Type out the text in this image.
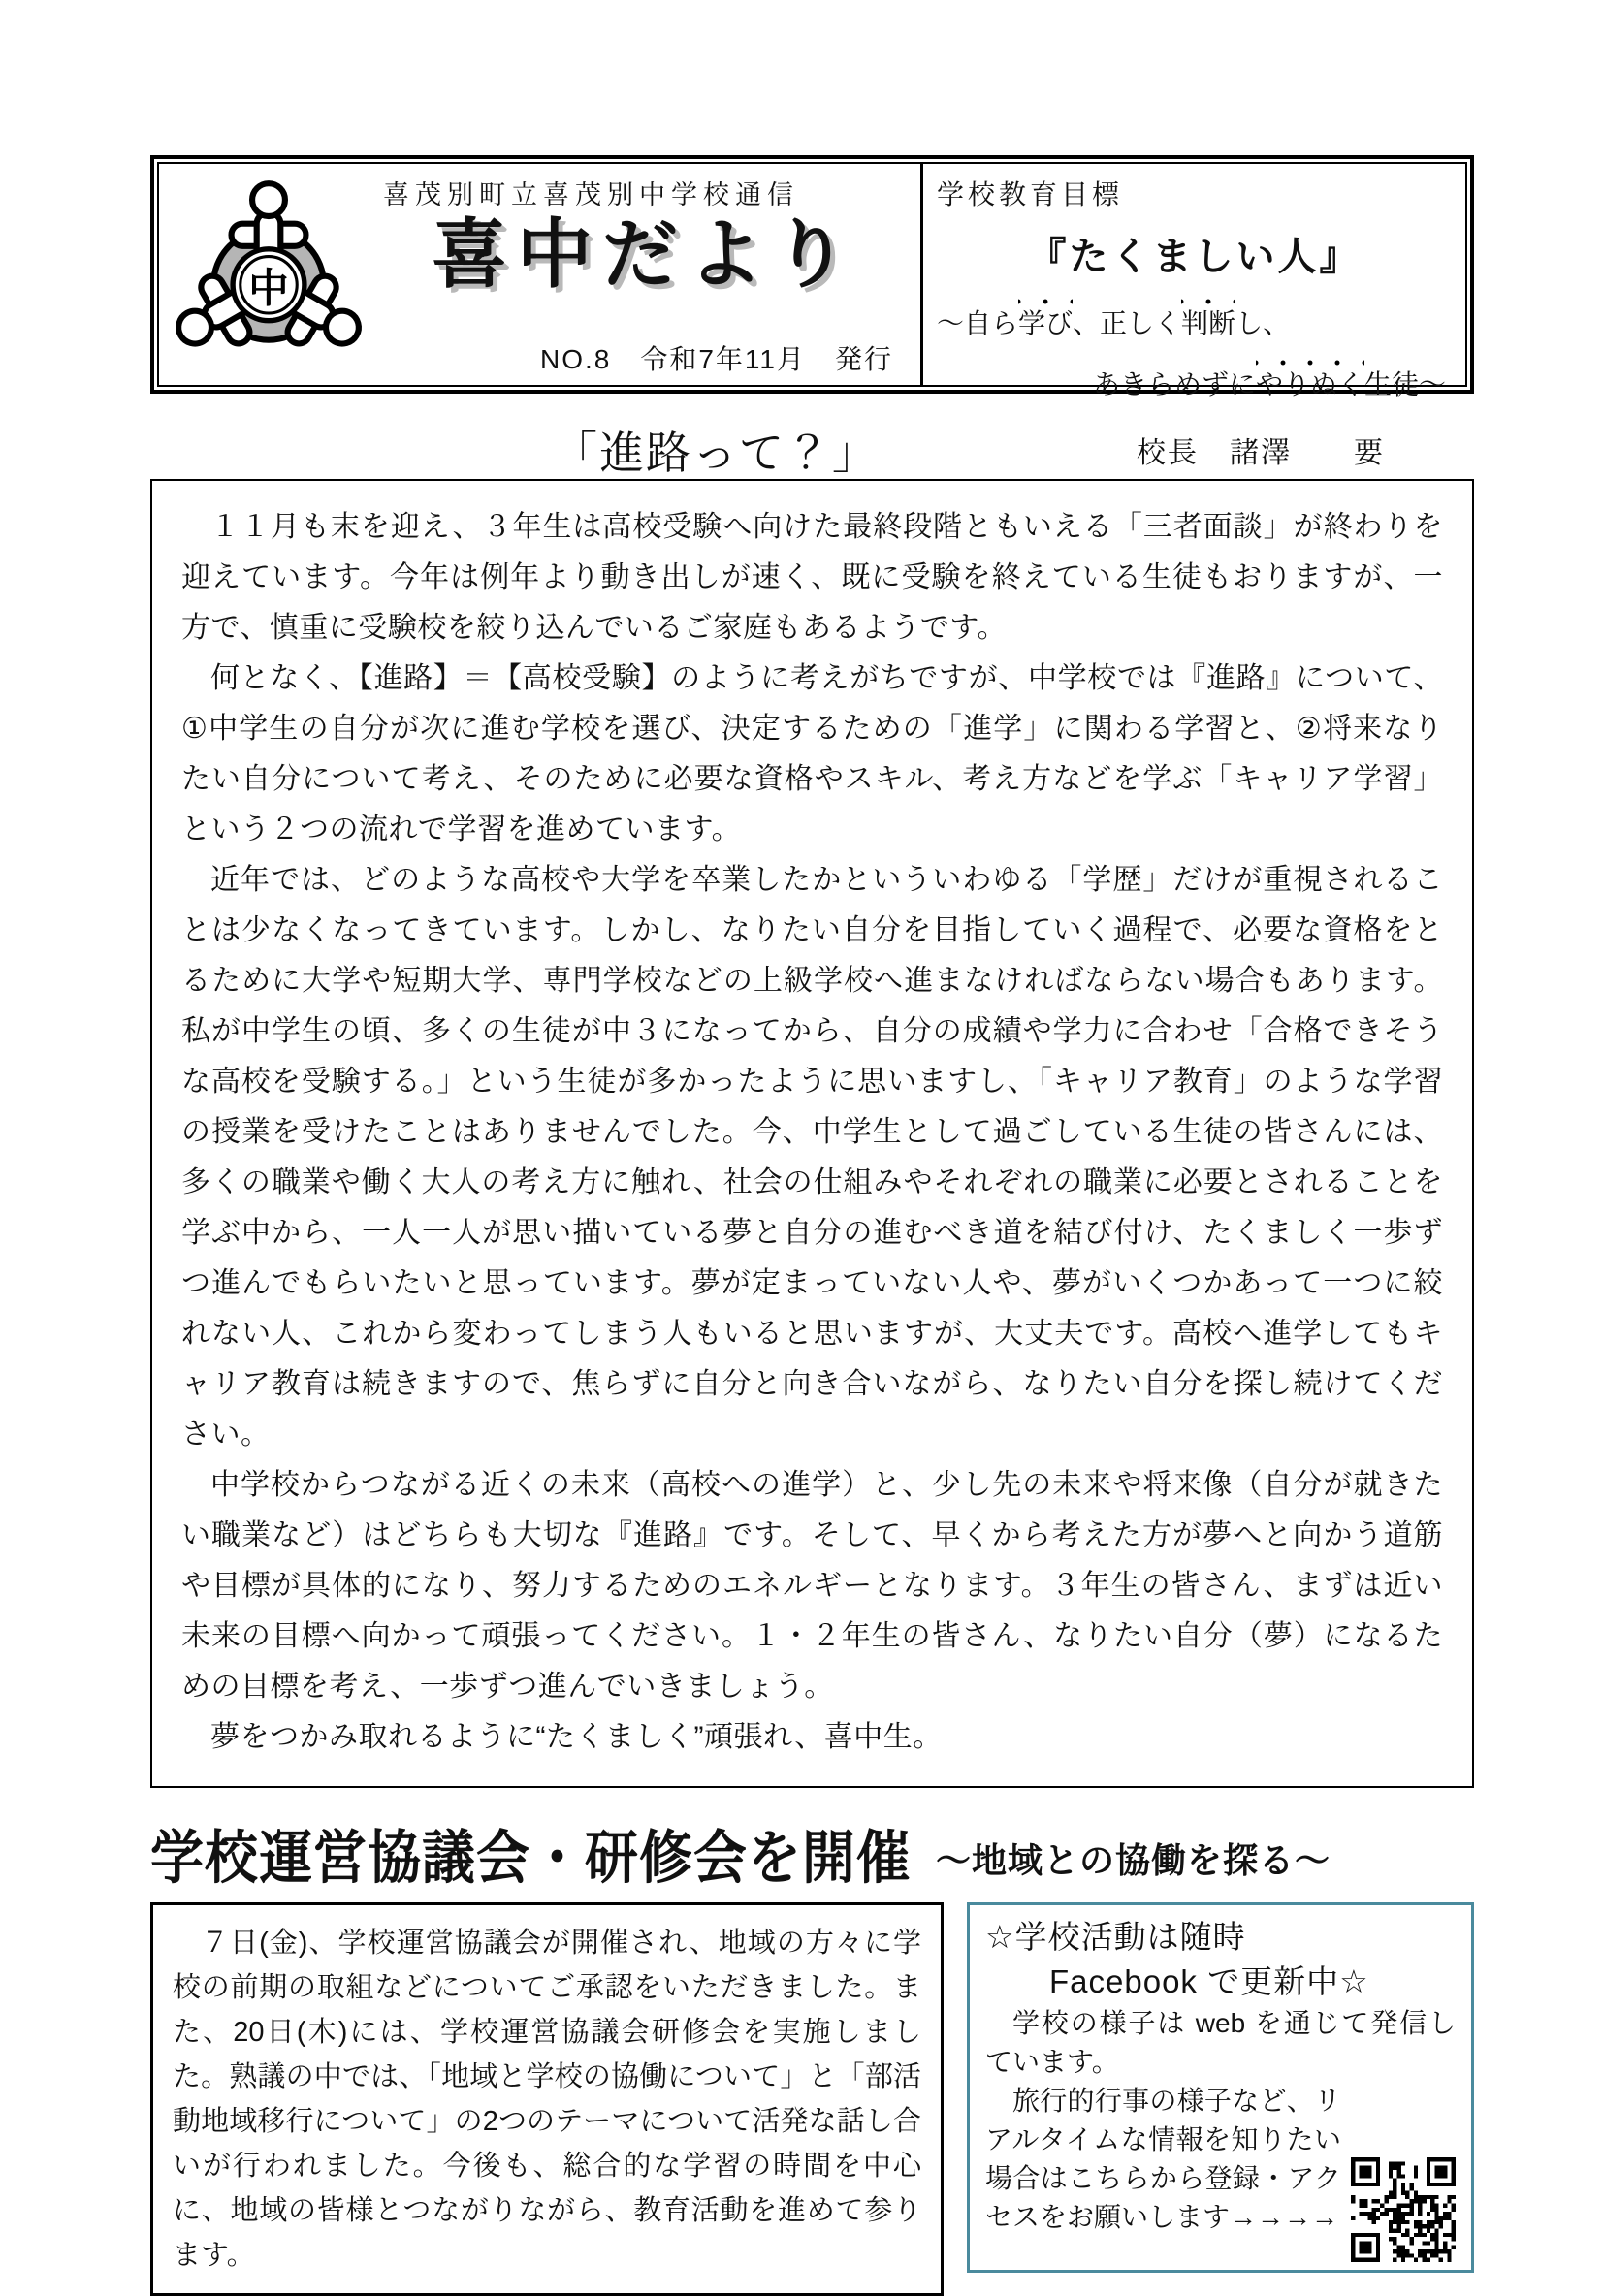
中
喜茂別町立喜茂別中学校通信
喜中だより
NO.8　令和7年11月　発行
学校教育目標
『たくましい人』
～自ら学び、正しく判断し、
あきらめずにやりぬく生徒～
「進路って？」	校長　諸澤　　要

１１月も末を迎え、３年生は高校受験へ向けた最終段階ともいえる「三者面談」が終わりを迎えています。今年は例年より動き出しが速く、既に受験を終えている生徒もおりますが、一方で、慎重に受験校を絞り込んでいるご家庭もあるようです。

何となく、【進路】＝【高校受験】のように考えがちですが、中学校では『進路』について、①中学生の自分が次に進む学校を選び、決定するための「進学」に関わる学習と、②将来なりたい自分について考え、そのために必要な資格やスキル、考え方などを学ぶ「キャリア学習」という２つの流れで学習を進めています。

近年では、どのような高校や大学を卒業したかといういわゆる「学歴」だけが重視されることは少なくなってきています。しかし、なりたい自分を目指していく過程で、必要な資格をとるために大学や短期大学、専門学校などの上級学校へ進まなければならない場合もあります。私が中学生の頃、多くの生徒が中３になってから、自分の成績や学力に合わせ「合格できそうな高校を受験する。」という生徒が多かったように思いますし、「キャリア教育」のような学習の授業を受けたことはありませんでした。今、中学生として過ごしている生徒の皆さんには、多くの職業や働く大人の考え方に触れ、社会の仕組みやそれぞれの職業に必要とされることを学ぶ中から、一人一人が思い描いている夢と自分の進むべき道を結び付け、たくましく一歩ずつ進んでもらいたいと思っています。夢が定まっていない人や、夢がいくつかあって一つに絞れない人、これから変わってしまう人もいると思いますが、大丈夫です。高校へ進学してもキャリア教育は続きますので、焦らずに自分と向き合いながら、なりたい自分を探し続けてください。

中学校からつながる近くの未来（高校への進学）と、少し先の未来や将来像（自分が就きたい職業など）はどちらも大切な『進路』です。そして、早くから考えた方が夢へと向かう道筋や目標が具体的になり、努力するためのエネルギーとなります。３年生の皆さん、まずは近い未来の目標へ向かって頑張ってください。１・２年生の皆さん、なりたい自分（夢）になるための目標を考え、一歩ずつ進んでいきましょう。

夢をつかみ取れるように“たくましく”頑張れ、喜中生。

学校運営協議会・研修会を開催 ～地域との協働を探る～

７日(金)、学校運営協議会が開催され、地域の方々に学校の前期の取組などについてご承認をいただきました。また、20日(木)には、学校運営協議会研修会を実施しました。熟議の中では、「地域と学校の協働について」と「部活動地域移行について」の2つのテーマについて活発な話し合いが行われました。今後も、総合的な学習の時間を中心に、地域の皆様とつながりながら、教育活動を進めて参ります。

☆学校活動は随時
Facebook で更新中☆

学校の様子は web を通じて発信しています。

旅行的行事の様子など、リアルタイムな情報を知りたい場合はこちらから登録・アクセスをお願いします→→→→
